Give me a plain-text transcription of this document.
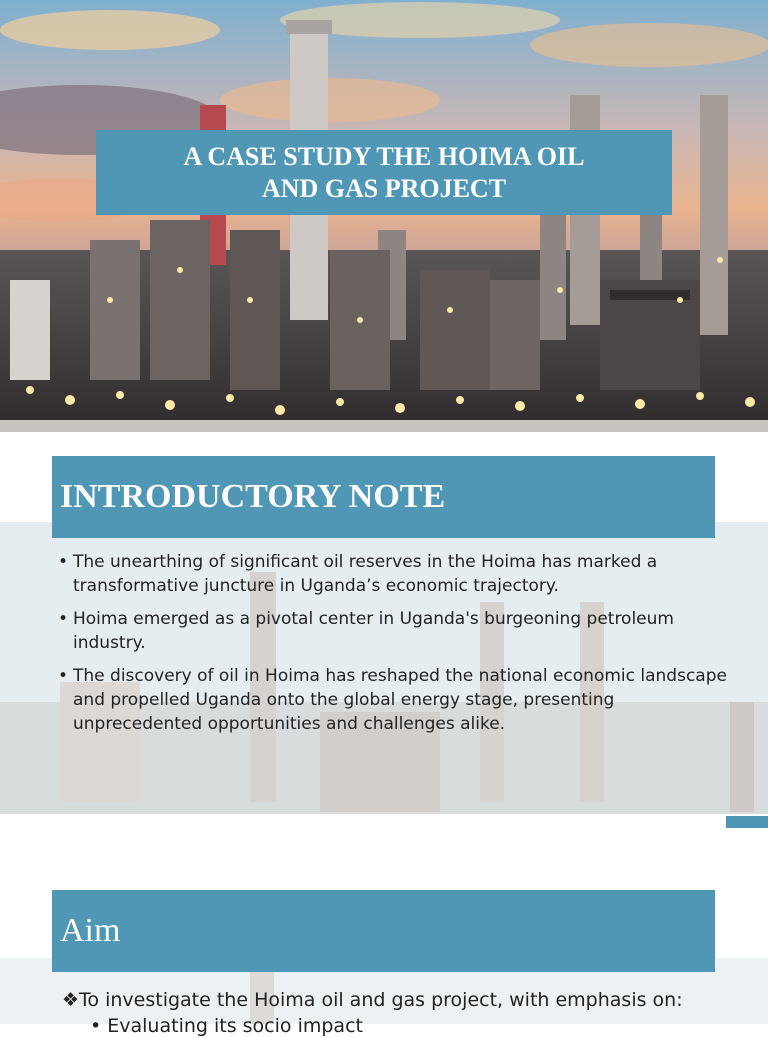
A CASE STUDY THE HOIMA OIL AND GAS PROJECT
INTRODUCTORY NOTE
• The unearthing of significant oil reserves in the Hoima has marked a transformative juncture in Uganda’s economic trajectory.
• Hoima emerged as a pivotal center in Uganda's burgeoning petroleum industry.
• The discovery of oil in Hoima has reshaped the national economic landscape and propelled Uganda onto the global energy stage, presenting unprecedented opportunities and challenges alike.
Aim
❖To investigate the Hoima oil and gas project, with emphasis on:
• Evaluating its socio impact
